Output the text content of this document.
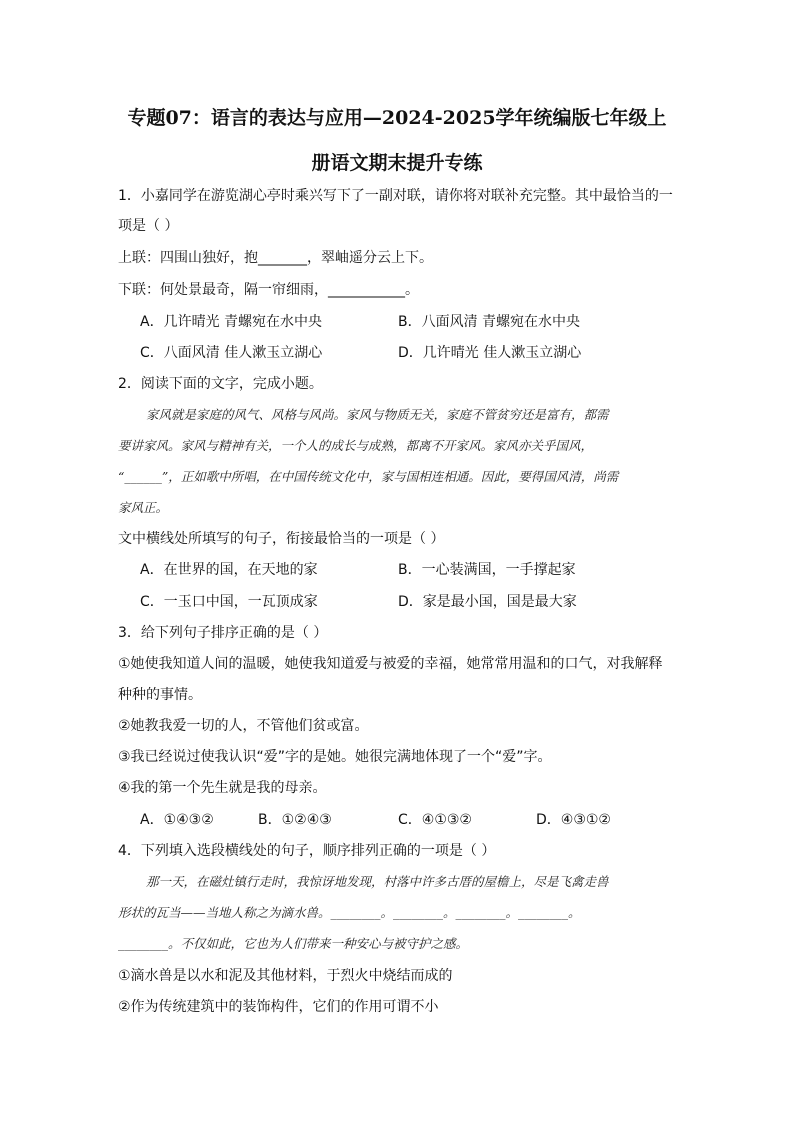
专题07：语言的表达与应用—2024-2025学年统编版七年级上
册语文期末提升专练
1．小嘉同学在游览湖心亭时乘兴写下了一副对联，请你将对联补充完整。其中最恰当的一
项是（ ）
上联：四围山独好，抱_______，翠岫遥分云上下。
下联：何处景最奇，隔一帘细雨，___________。
A．几许晴光 青螺宛在水中央	B．八面风清 青螺宛在水中央
C．八面风清 佳人漱玉立湖心	D．几许晴光 佳人漱玉立湖心
2．阅读下面的文字，完成小题。
家风就是家庭的风气、风格与风尚。家风与物质无关，家庭不管贫穷还是富有，都需
要讲家风。家风与精神有关，一个人的成长与成熟，都离不开家风。家风亦关乎国风，
“______”，正如歌中所唱，在中国传统文化中，家与国相连相通。因此，要得国风清，尚需
家风正。
文中横线处所填写的句子，衔接最恰当的一项是（ ）
A．在世界的国，在天地的家	B．一心装满国，一手撑起家
C．一玉口中国，一瓦顶成家	D．家是最小国，国是最大家
3．给下列句子排序正确的是（ ）
①她使我知道人间的温暖，她使我知道爱与被爱的幸福，她常常用温和的口气，对我解释
种种的事情。
②她教我爱一切的人，不管他们贫或富。
③我已经说过使我认识“爱”字的是她。她很完满地体现了一个“爱”字。
④我的第一个先生就是我的母亲。
A．①④③②	B．①②④③	C．④①③②	D．④③①②
4．下列填入选段横线处的句子，顺序排列正确的一项是（ ）
那一天，在磁灶镇行走时，我惊讶地发现，村落中许多古厝的屋檐上，尽是飞禽走兽
形状的瓦当——当地人称之为滴水兽。________。________。________。________。
________。不仅如此，它也为人们带来一种安心与被守护之感。
①滴水兽是以水和泥及其他材料，于烈火中烧结而成的
②作为传统建筑中的装饰构件，它们的作用可谓不小
